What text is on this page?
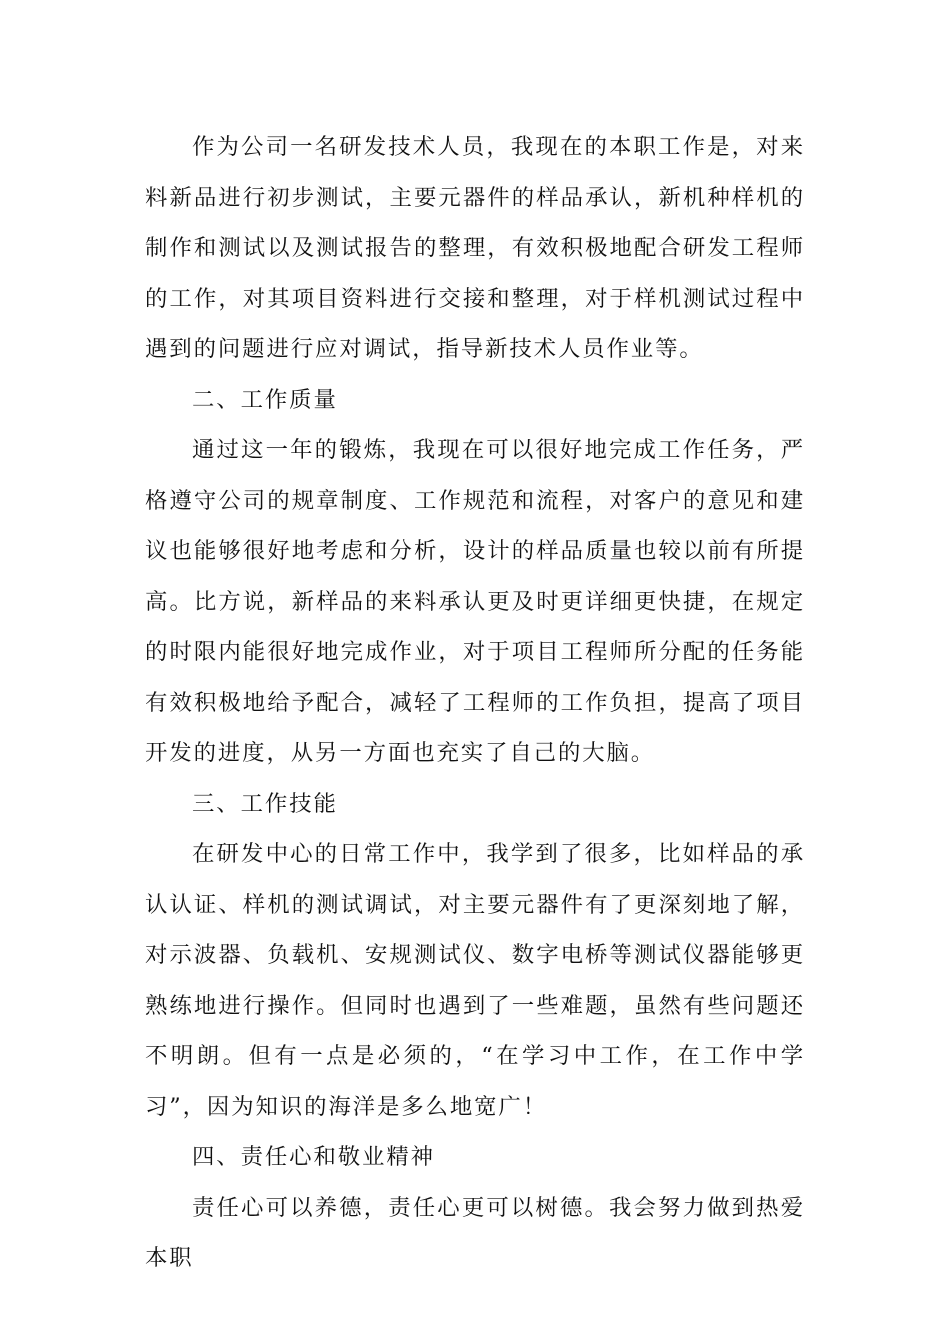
作为公司一名研发技术人员，我现在的本职工作是，对来料新品进行初步测试，主要元器件的样品承认，新机种样机的制作和测试以及测试报告的整理，有效积极地配合研发工程师的工作，对其项目资料进行交接和整理，对于样机测试过程中遇到的问题进行应对调试，指导新技术人员作业等。

二、工作质量

通过这一年的锻炼，我现在可以很好地完成工作任务，严格遵守公司的规章制度、工作规范和流程，对客户的意见和建议也能够很好地考虑和分析，设计的样品质量也较以前有所提高。比方说，新样品的来料承认更及时更详细更快捷，在规定的时限内能很好地完成作业，对于项目工程师所分配的任务能有效积极地给予配合，减轻了工程师的工作负担，提高了项目开发的进度，从另一方面也充实了自己的大脑。

三、工作技能

在研发中心的日常工作中，我学到了很多，比如样品的承认认证、样机的测试调试，对主要元器件有了更深刻地了解，对示波器、负载机、安规测试仪、数字电桥等测试仪器能够更熟练地进行操作。但同时也遇到了一些难题，虽然有些问题还不明朗。但有一点是必须的，“在学习中工作，在工作中学习”，因为知识的海洋是多么地宽广！

四、责任心和敬业精神

责任心可以养德，责任心更可以树德。我会努力做到热爱本职
